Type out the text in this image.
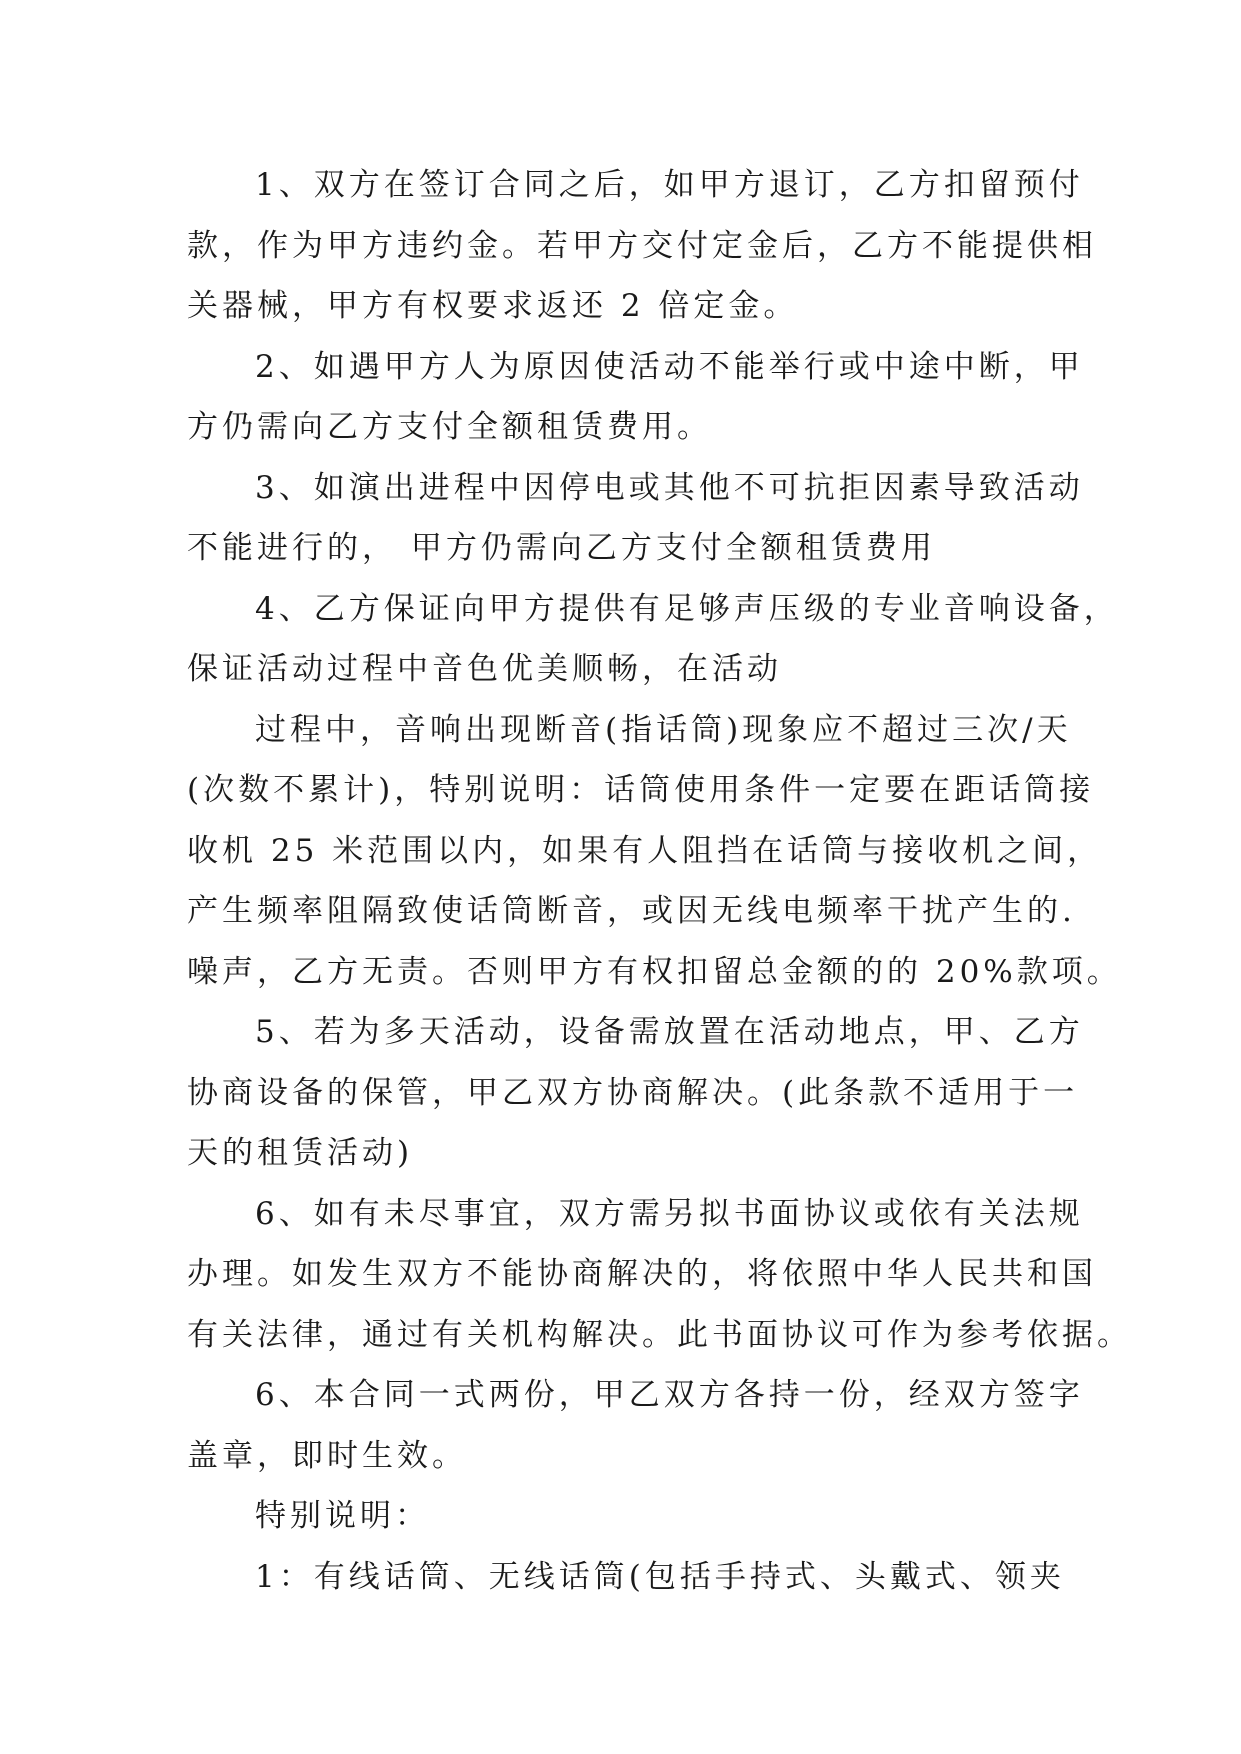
1、双方在签订合同之后，如甲方退订，乙方扣留预付
款，作为甲方违约金。若甲方交付定金后，乙方不能提供相
关器械，甲方有权要求返还 2 倍定金。
2、如遇甲方人为原因使活动不能举行或中途中断，甲
方仍需向乙方支付全额租赁费用。
3、如演出进程中因停电或其他不可抗拒因素导致活动
不能进行的， 甲方仍需向乙方支付全额租赁费用
4、乙方保证向甲方提供有足够声压级的专业音响设备，
保证活动过程中音色优美顺畅，在活动
过程中，音响出现断音(指话筒)现象应不超过三次/天
(次数不累计)，特别说明：话筒使用条件一定要在距话筒接
收机 25 米范围以内，如果有人阻挡在话筒与接收机之间，
产生频率阻隔致使话筒断音，或因无线电频率干扰产生的.
噪声，乙方无责。否则甲方有权扣留总金额的的 20%款项。
5、若为多天活动，设备需放置在活动地点，甲、乙方
协商设备的保管，甲乙双方协商解决。(此条款不适用于一
天的租赁活动)
6、如有未尽事宜，双方需另拟书面协议或依有关法规
办理。如发生双方不能协商解决的，将依照中华人民共和国
有关法律，通过有关机构解决。此书面协议可作为参考依据。
6、本合同一式两份，甲乙双方各持一份，经双方签字
盖章，即时生效。
特别说明：
1：有线话筒、无线话筒(包括手持式、头戴式、领夹
